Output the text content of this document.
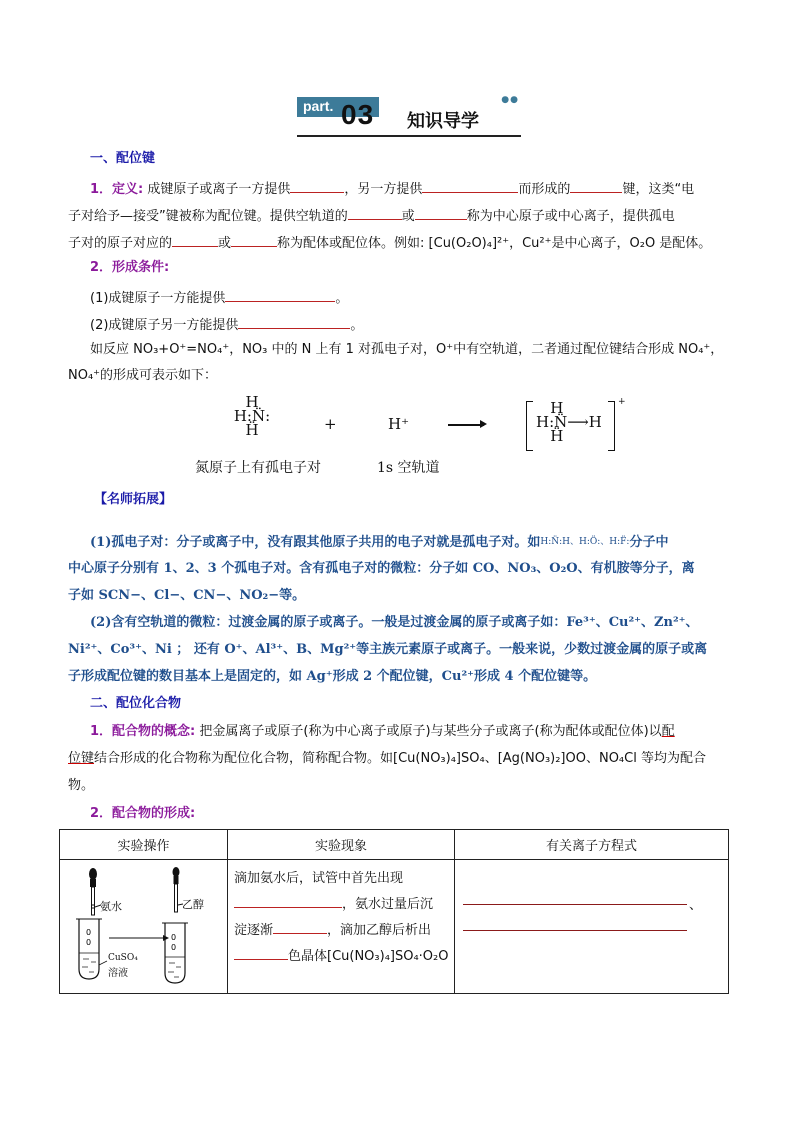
part. 03 知识导学
●●
一、配位键
1．定义: 成键原子或离子一方提供	，另一方提供	而形成的	键，这类“电
子对给予—接受”键被称为配位键。提供空轨道的	或	称为中心原子或中心离子，提供孤电
子对的原子对应的	或	称为配体或配位体。例如: [Cu(O₂O)₄]²⁺，Cu²⁺是中心离子，O₂O 是配体。
2．形成条件:
(1)成键原子一方能提供	。
(2)成键原子另一方能提供	。
如反应 NO₃+O⁺=NO₄⁺，NO₃ 中的 N 上有 1 对孤电子对，O⁺中有空轨道，二者通过配位键结合形成 NO₄⁺，
NO₄⁺的形成可表示如下：
H
H:N̈:
Ḧ	+	H⁺
H
H:N̈⟶H
Ḧ
+
氮原子上有孤电子对	1s 空轨道
【名师拓展】
(1)孤电子对：分子或离子中，没有跟其他原子共用的电子对就是孤电子对。如H:N̈:H、H:Ö:、H:F̈:分子中
中心原子分别有 1、2、3 个孤电子对。含有孤电子对的微粒：分子如 CO、NO₃、O₂O、有机胺等分子，离
子如 SCN−、Cl−、CN−、NO₂−等。
(2)含有空轨道的微粒：过渡金属的原子或离子。一般是过渡金属的原子或离子如：Fe³⁺、Cu²⁺、Zn²⁺、
Ni²⁺、Co³⁺、Ni ； 还有 O⁺、Al³⁺、B、Mg²⁺等主族元素原子或离子。一般来说，少数过渡金属的原子或离
子形成配位键的数目基本上是固定的，如 Ag⁺形成 2 个配位键，Cu²⁺形成 4 个配位键等。
二、配位化合物
1．配合物的概念: 把金属离子或原子(称为中心离子或原子)与某些分子或离子(称为配体或配位体)以配
位键结合形成的化合物称为配位化合物，简称配合物。如[Cu(NO₃)₄]SO₄、[Ag(NO₃)₂]OO、NO₄Cl 等均为配合
物。
2．配合物的形成:
实验操作	实验现象	有关离子方程式

0
0
0
0
氨水	乙醇
CuSO₄
溶液

滴加氨水后，试管中首先出现
，氨水过量后沉
淀逐渐	，滴加乙醇后析出
色晶体[Cu(NO₃)₄]SO₄·O₂O

、
